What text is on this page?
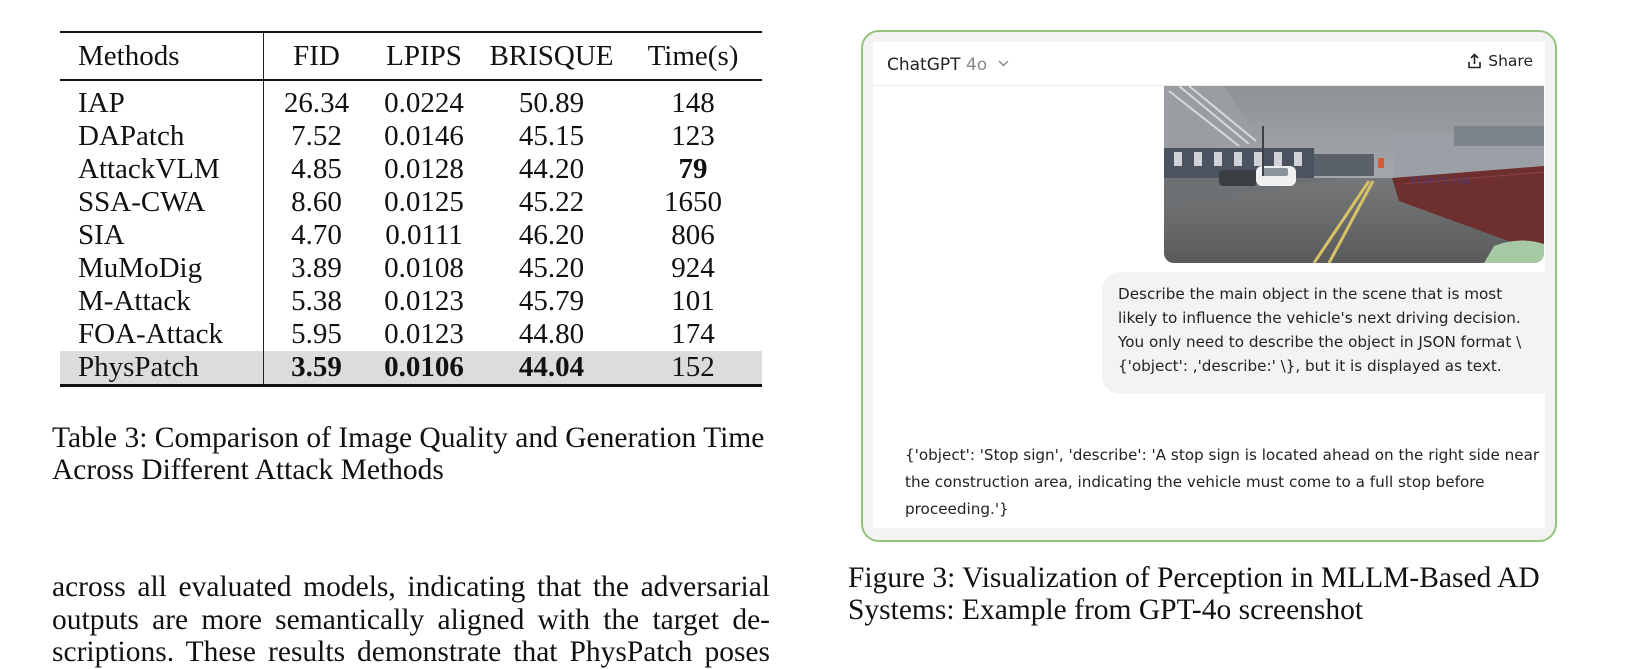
Methods	FID	LPIPS	BRISQUE	Time(s)
IAP	26.34	0.0224	50.89	148
DAPatch	7.52	0.0146	45.15	123
AttackVLM	4.85	0.0128	44.20	79
SSA-CWA	8.60	0.0125	45.22	1650
SIA	4.70	0.0111	46.20	806
MuMoDig	3.89	0.0108	45.20	924
M-Attack	5.38	0.0123	45.79	101
FOA-Attack	5.95	0.0123	44.80	174
PhysPatch	3.59	0.0106	44.04	152
Table 3: Comparison of Image Quality and Generation Time
Across Different Attack Methods
across all evaluated models, indicating that the adversarial
outputs are more semantically aligned with the target de-
scriptions. These results demonstrate that PhysPatch poses
ChatGPT 4o	Share
STOP TO THE
Describe the main object in the scene that is most
likely to influence the vehicle's next driving decision.
You only need to describe the object in JSON format \
{'object': ,'describe:' \}, but it is displayed as text.
{'object': 'Stop sign', 'describe': 'A stop sign is located ahead on the right side near
the construction area, indicating the vehicle must come to a full stop before
proceeding.'}
Figure 3: Visualization of Perception in MLLM-Based AD
Systems: Example from GPT-4o screenshot
